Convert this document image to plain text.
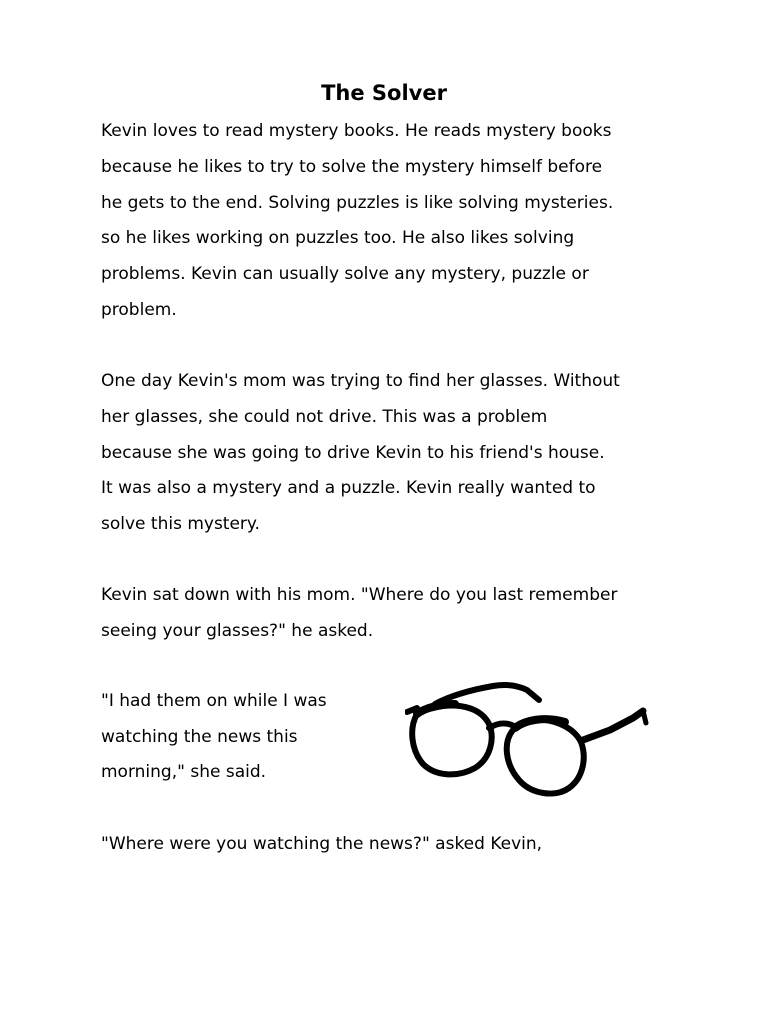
The Solver

Kevin loves to read mystery books. He reads mystery books
because he likes to try to solve the mystery himself before
he gets to the end. Solving puzzles is like solving mysteries.
so he likes working on puzzles too. He also likes solving
problems. Kevin can usually solve any mystery, puzzle or
problem.

One day Kevin's mom was trying to find her glasses. Without
her glasses, she could not drive. This was a problem
because she was going to drive Kevin to his friend's house.
It was also a mystery and a puzzle. Kevin really wanted to
solve this mystery.

Kevin sat down with his mom. "Where do you last remember
seeing your glasses?" he asked.

"I had them on while I was
watching the news this
morning," she said.

"Where were you watching the news?" asked Kevin,
